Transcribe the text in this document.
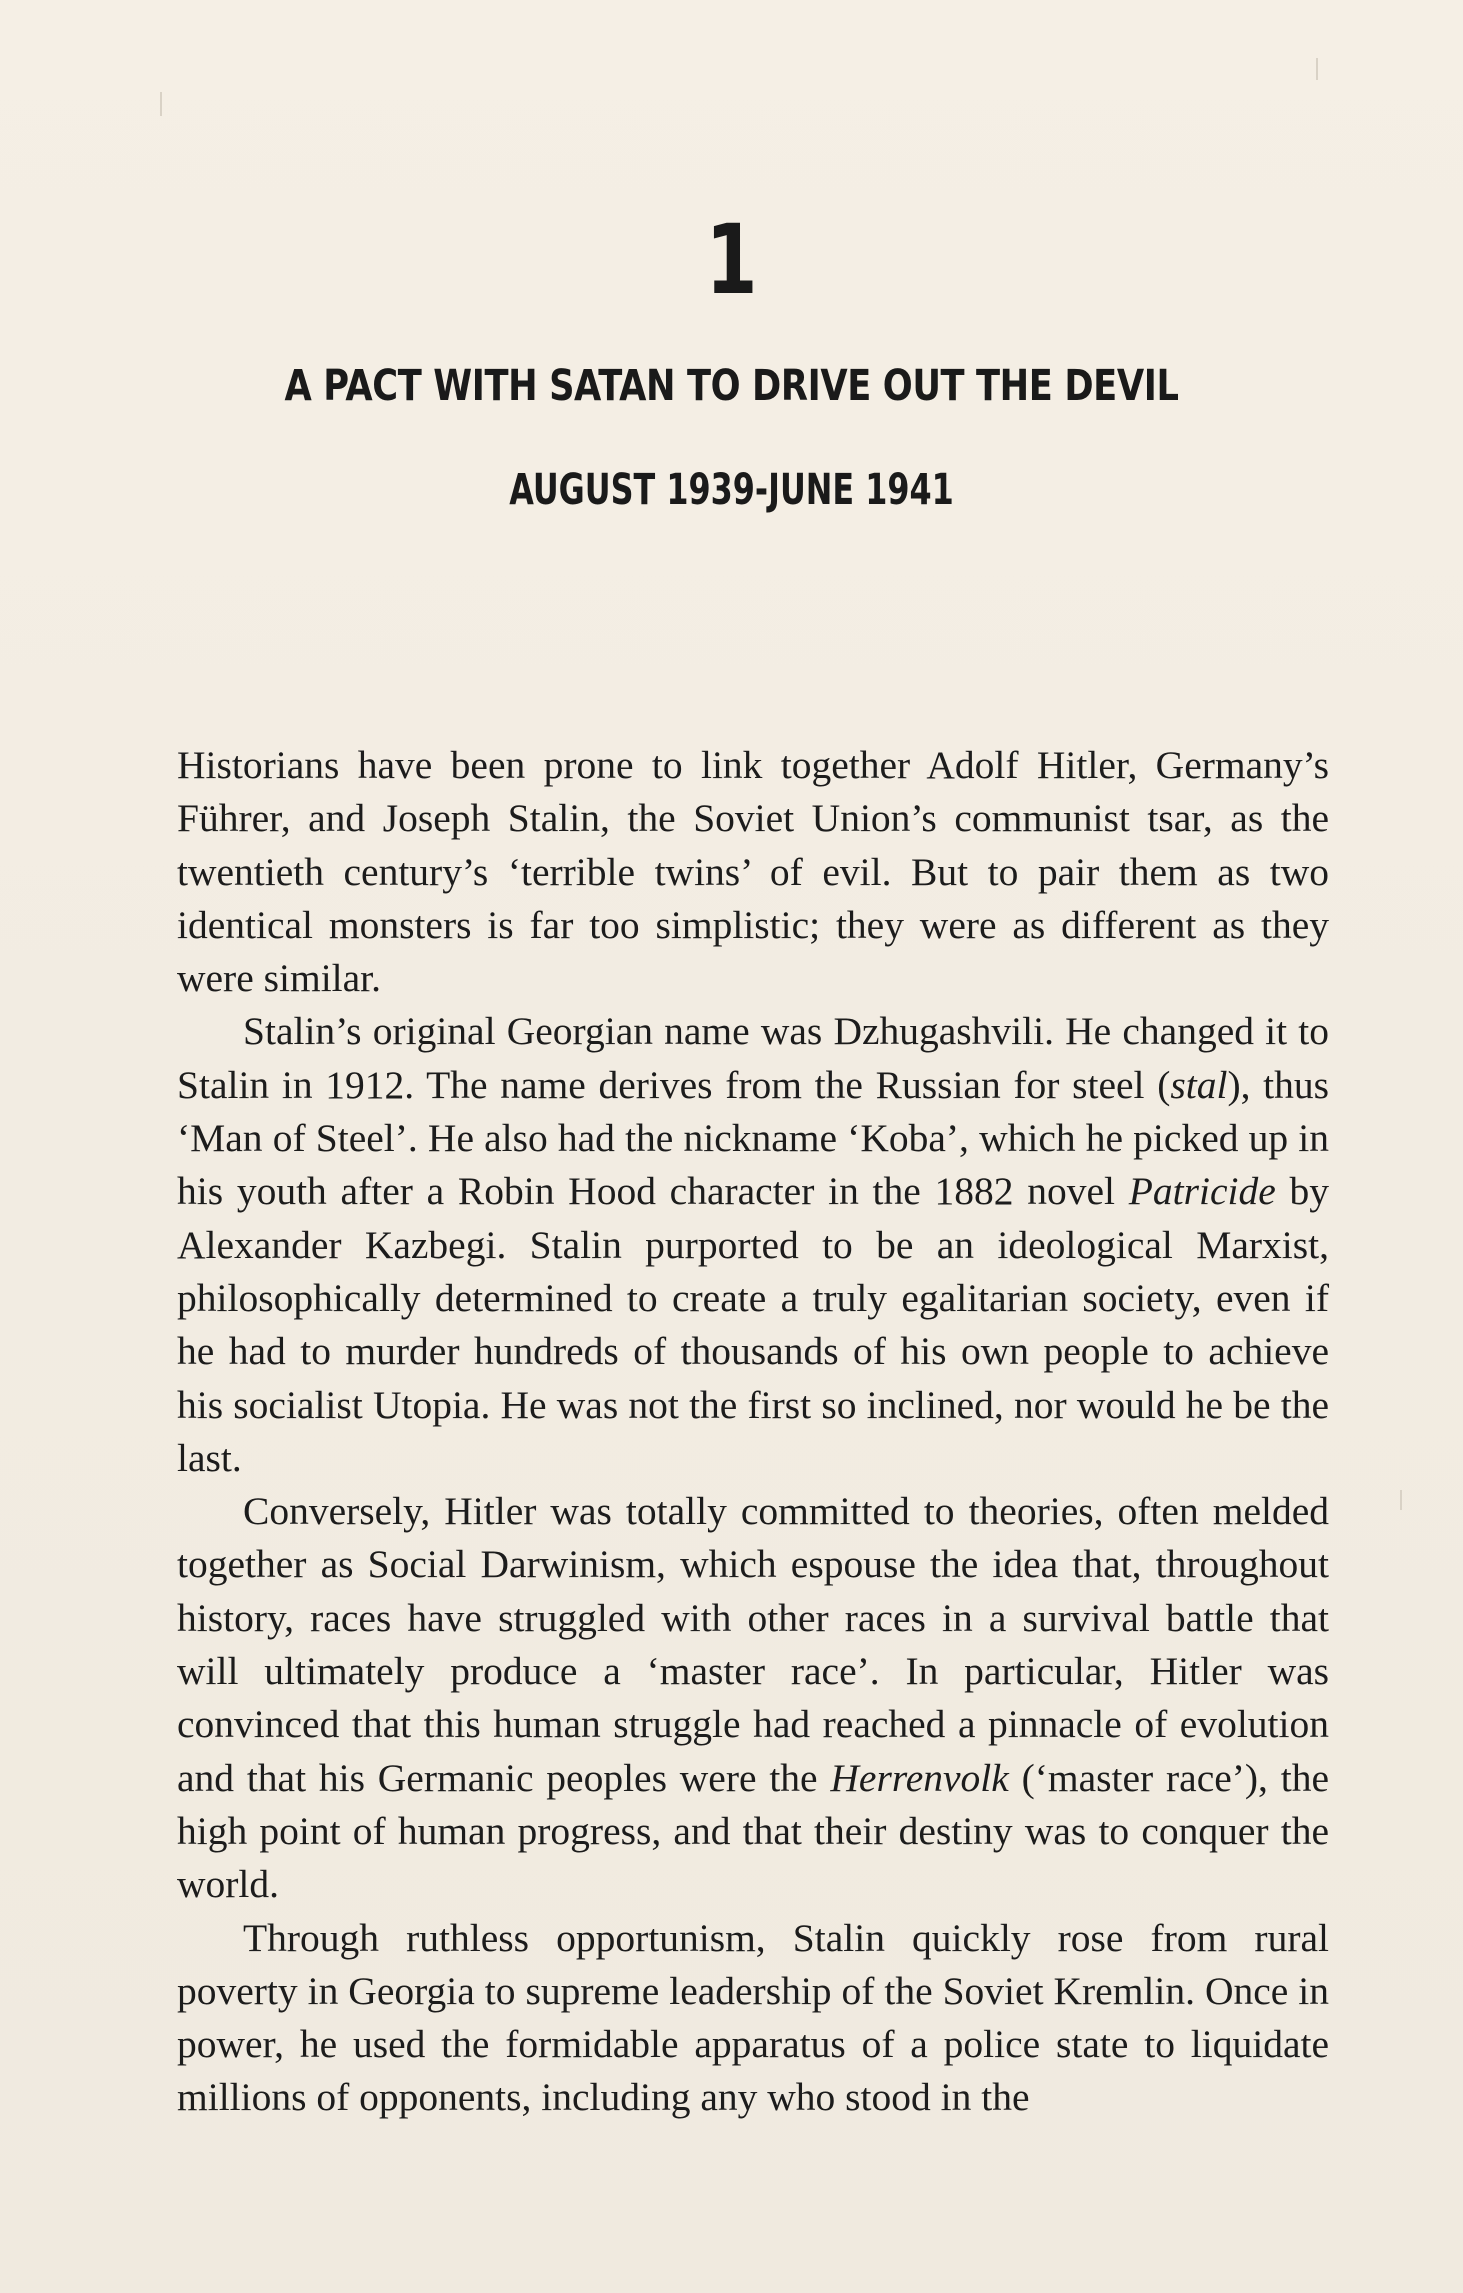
1
A PACT WITH SATAN TO DRIVE OUT THE DEVIL
AUGUST 1939-JUNE 1941

Historians have been prone to link together Adolf Hitler, Germany’s Führer, and Joseph Stalin, the Soviet Union’s communist tsar, as the twentieth century’s ‘terrible twins’ of evil. But to pair them as two identical monsters is far too simplistic; they were as different as they were similar.

Stalin’s original Georgian name was Dzhugashvili. He changed it to Stalin in 1912. The name derives from the Russian for steel (stal), thus ‘Man of Steel’. He also had the nickname ‘Koba’, which he picked up in his youth after a Robin Hood character in the 1882 novel Patricide by Alexander Kazbegi. Stalin purported to be an ideological Marxist, philosophically determined to create a truly egalitarian society, even if he had to murder hundreds of thousands of his own people to achieve his socialist Utopia. He was not the first so inclined, nor would he be the last.

Conversely, Hitler was totally committed to theories, often melded together as Social Darwinism, which espouse the idea that, throughout history, races have struggled with other races in a survival battle that will ultimately produce a ‘master race’. In particular, Hitler was convinced that this human struggle had reached a pinnacle of evolution and that his Germanic peoples were the Herrenvolk (‘master race’), the high point of human progress, and that their destiny was to conquer the world.

Through ruthless opportunism, Stalin quickly rose from rural poverty in Georgia to supreme leadership of the Soviet Kremlin. Once in power, he used the formidable apparatus of a police state to liquidate millions of opponents, including any who stood in the
